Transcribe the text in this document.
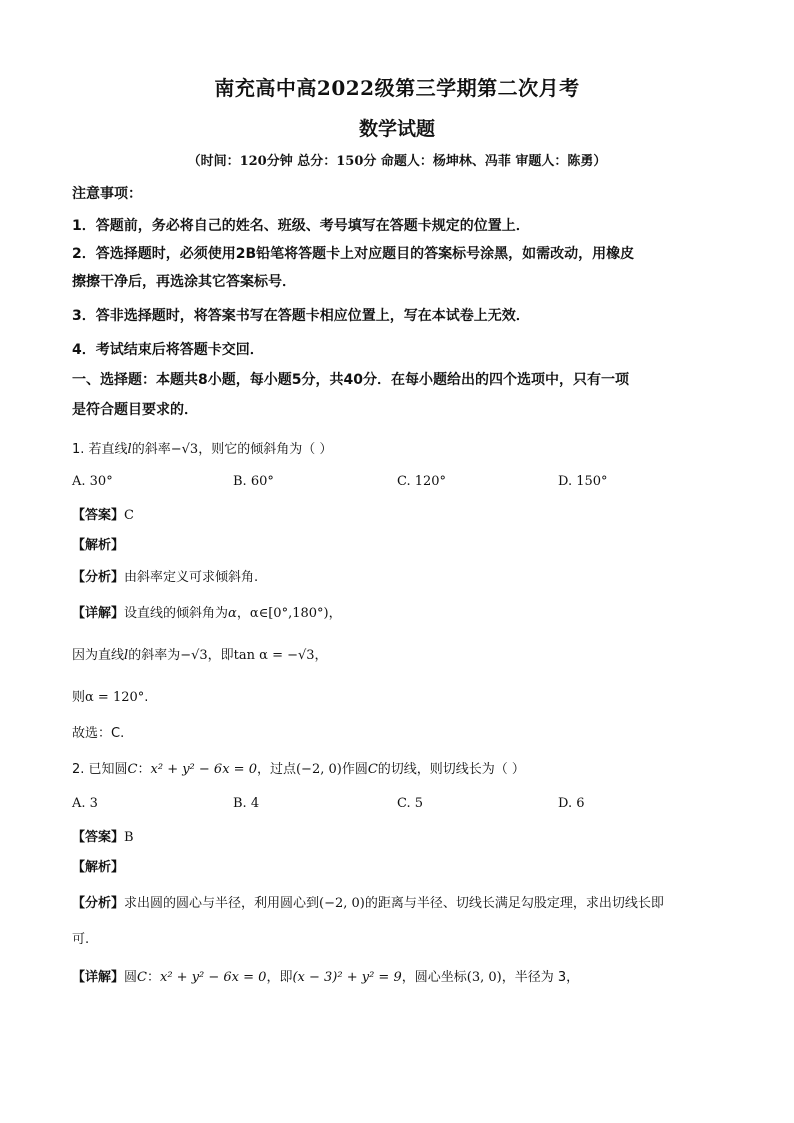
南充高中高2022级第三学期第二次月考
数学试题
（时间：120分钟 总分：150分 命题人：杨坤林、冯菲 审题人：陈勇）
注意事项：
1．答题前，务必将自己的姓名、班级、考号填写在答题卡规定的位置上．
2．答选择题时，必须使用2B铅笔将答题卡上对应题目的答案标号涂黑，如需改动，用橡皮
擦擦干净后，再选涂其它答案标号．
3．答非选择题时，将答案书写在答题卡相应位置上，写在本试卷上无效．
4．考试结束后将答题卡交回．
一、选择题：本题共8小题，每小题5分，共40分．在每小题给出的四个选项中，只有一项
是符合题目要求的．
1. 若直线l的斜率−√3，则它的倾斜角为（ ）
A. 30°	B. 60°	C. 120°	D. 150°
【答案】C
【解析】
【分析】由斜率定义可求倾斜角.
【详解】设直线的倾斜角为α，α∈[0°,180°)，
因为直线l的斜率为−√3，即tan α = −√3，
则α = 120°.
故选：C.
2. 已知圆C：x² + y² − 6x = 0，过点(−2, 0)作圆C的切线，则切线长为（ ）
A. 3	B. 4	C. 5	D. 6
【答案】B
【解析】
【分析】求出圆的圆心与半径，利用圆心到(−2, 0)的距离与半径、切线长满足勾股定理，求出切线长即
可.
【详解】圆C：x² + y² − 6x = 0，即(x − 3)² + y² = 9，圆心坐标(3, 0)，半径为 3，
